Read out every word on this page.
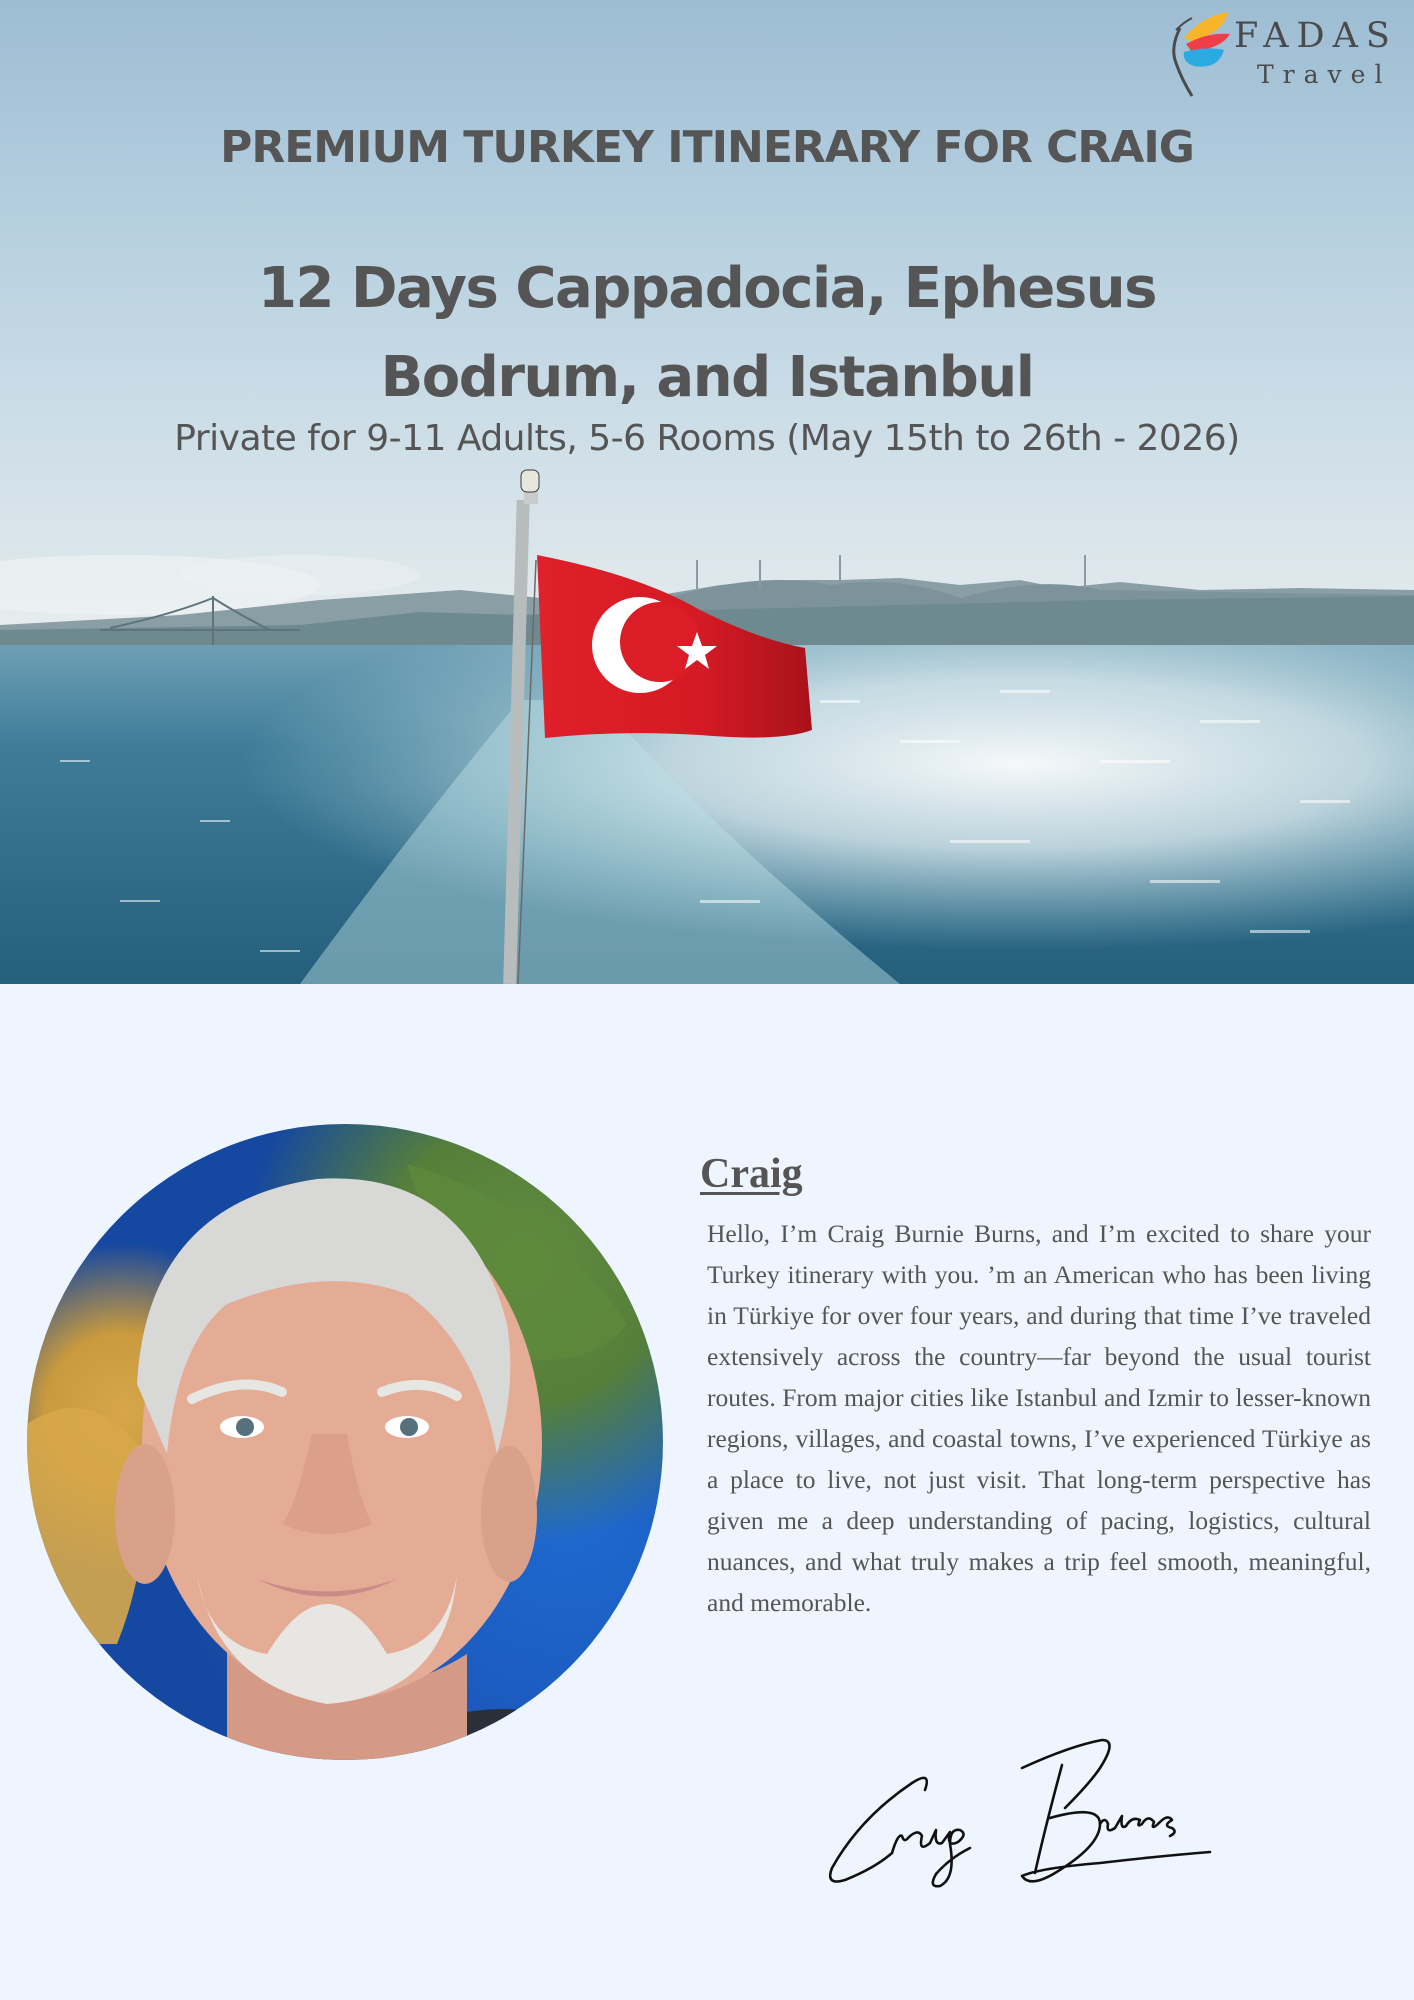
FADAS
Travel
PREMIUM TURKEY ITINERARY FOR CRAIG
12 Days Cappadocia, Ephesus
Bodrum, and Istanbul
Private for 9-11 Adults, 5-6 Rooms (May 15th to 26th - 2026)
Craig

Hello, I’m Craig Burnie Burns, and I’m excited to share your Turkey itinerary with you. ’m an American who has been living in Türkiye for over four years, and during that time I’ve traveled extensively across the country—far beyond the usual tourist routes. From major cities like Istanbul and Izmir to lesser-known regions, villages, and coastal towns, I’ve experienced Türkiye as a place to live, not just visit. That long-term perspective has given me a deep understanding of pacing, logistics, cultural nuances, and what truly makes a trip feel smooth, meaningful, and memorable.
